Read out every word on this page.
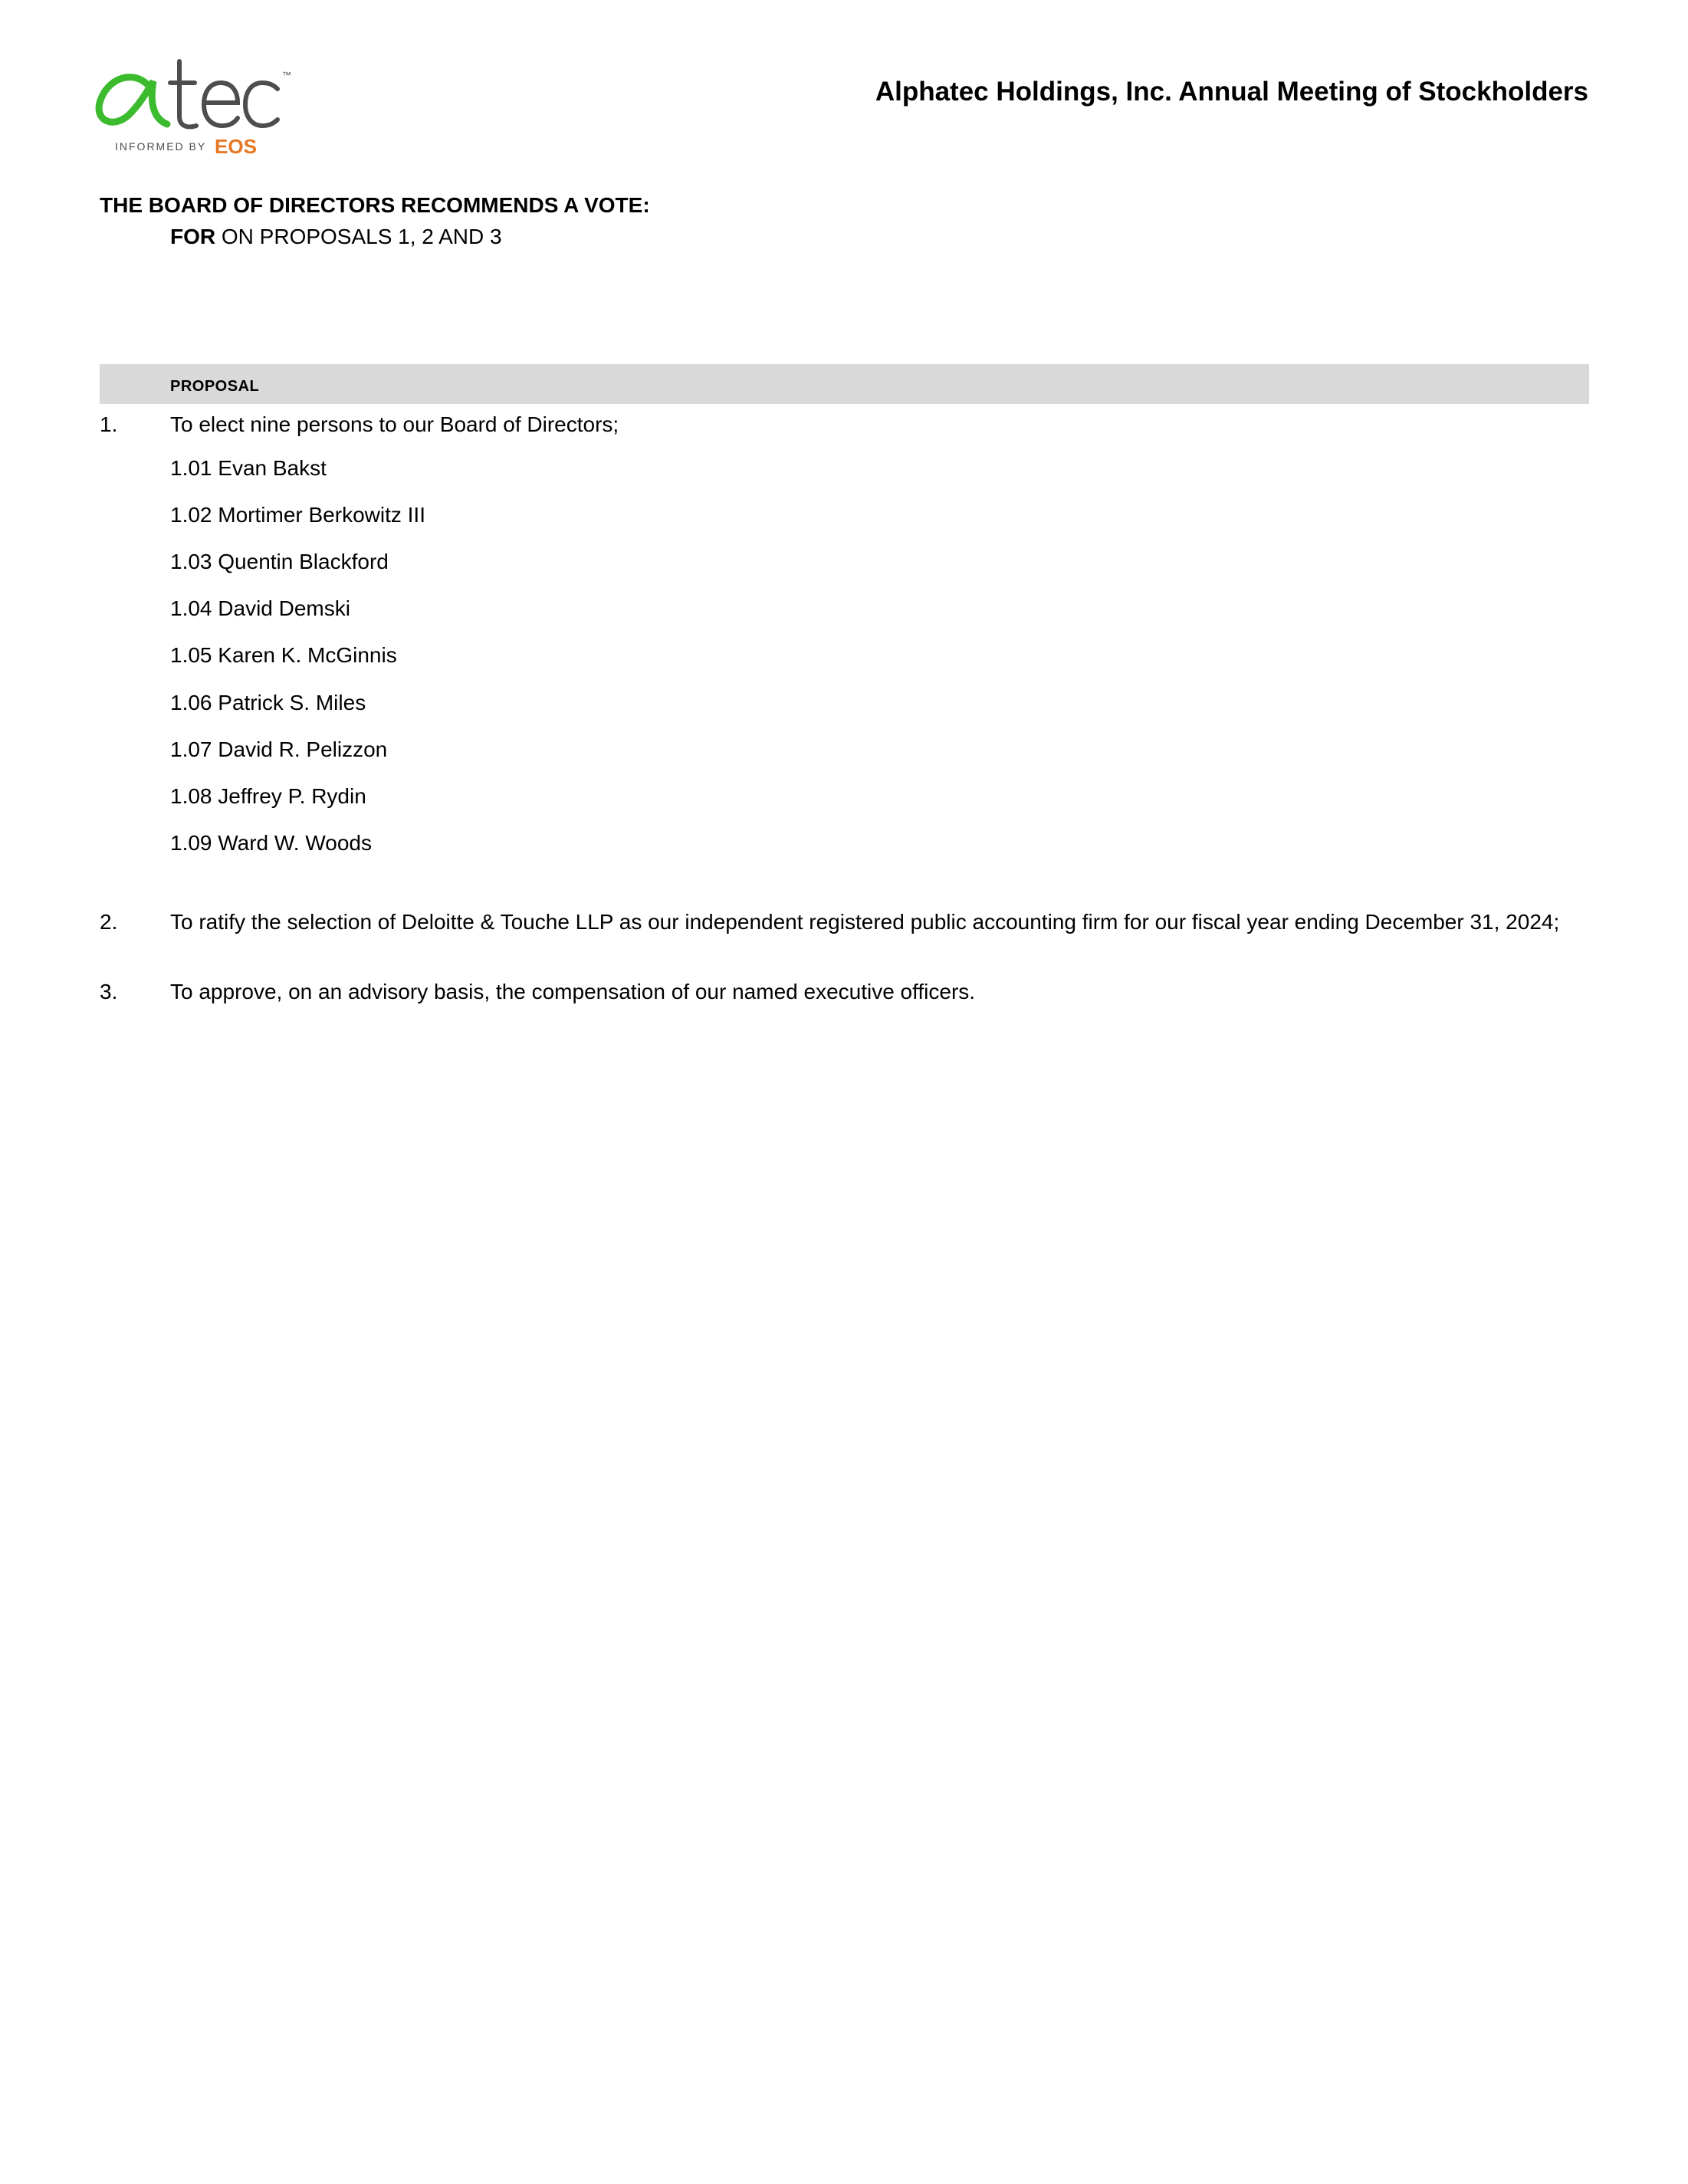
™
INFORMED BY EOS
Alphatec Holdings, Inc. Annual Meeting of Stockholders
THE BOARD OF DIRECTORS RECOMMENDS A VOTE:
FOR ON PROPOSALS 1, 2 AND 3
PROPOSAL
1. To elect nine persons to our Board of Directors;
1.01 Evan Bakst
1.02 Mortimer Berkowitz III
1.03 Quentin Blackford
1.04 David Demski
1.05 Karen K. McGinnis
1.06 Patrick S. Miles
1.07 David R. Pelizzon
1.08 Jeffrey P. Rydin
1.09 Ward W. Woods
2. To ratify the selection of Deloitte & Touche LLP as our independent registered public accounting firm for our fiscal year ending December 31, 2024;
3. To approve, on an advisory basis, the compensation of our named executive officers.
